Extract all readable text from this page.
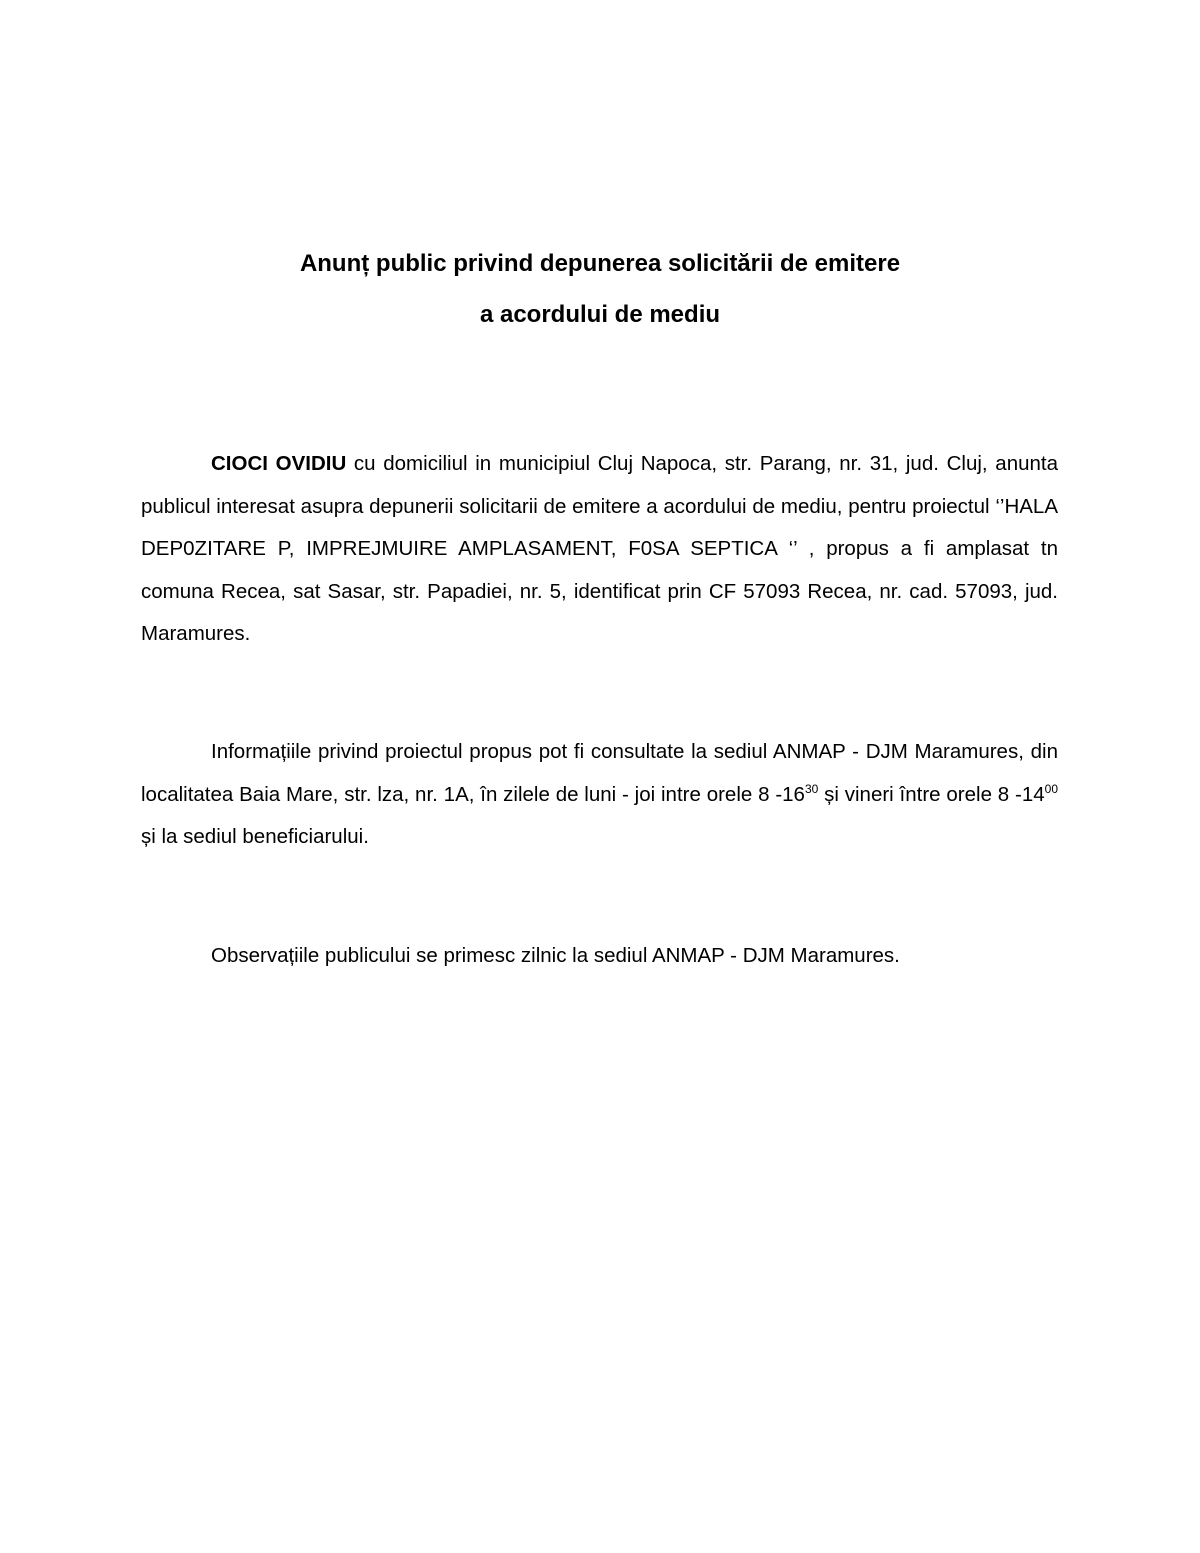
Anunț public privind depunerea solicitării de emitere
a acordului de mediu

CIOCI OVIDIU cu domiciliul in municipiul Cluj Napoca, str. Parang, nr. 31, jud. Cluj, anunta publicul interesat asupra depunerii solicitarii de emitere a acordului de mediu, pentru proiectul ‘’HALA DEP0ZITARE P, IMPREJMUIRE AMPLASAMENT, F0SA SEPTICA ‘’ , propus a fi amplasat tn comuna Recea, sat Sasar, str. Papadiei, nr. 5, identificat prin CF 57093 Recea, nr. cad. 57093, jud. Maramures.

Informațiile privind proiectul propus pot fi consultate la sediul ANMAP - DJM Maramures, din localitatea Baia Mare, str. lza, nr. 1A, în zilele de luni - joi intre orele 8 $-16^{30}$ și vineri între orele 8 $-14^{00}$ și la sediul beneficiarului.

Observațiile publicului se primesc zilnic la sediul ANMAP - DJM Maramures.
